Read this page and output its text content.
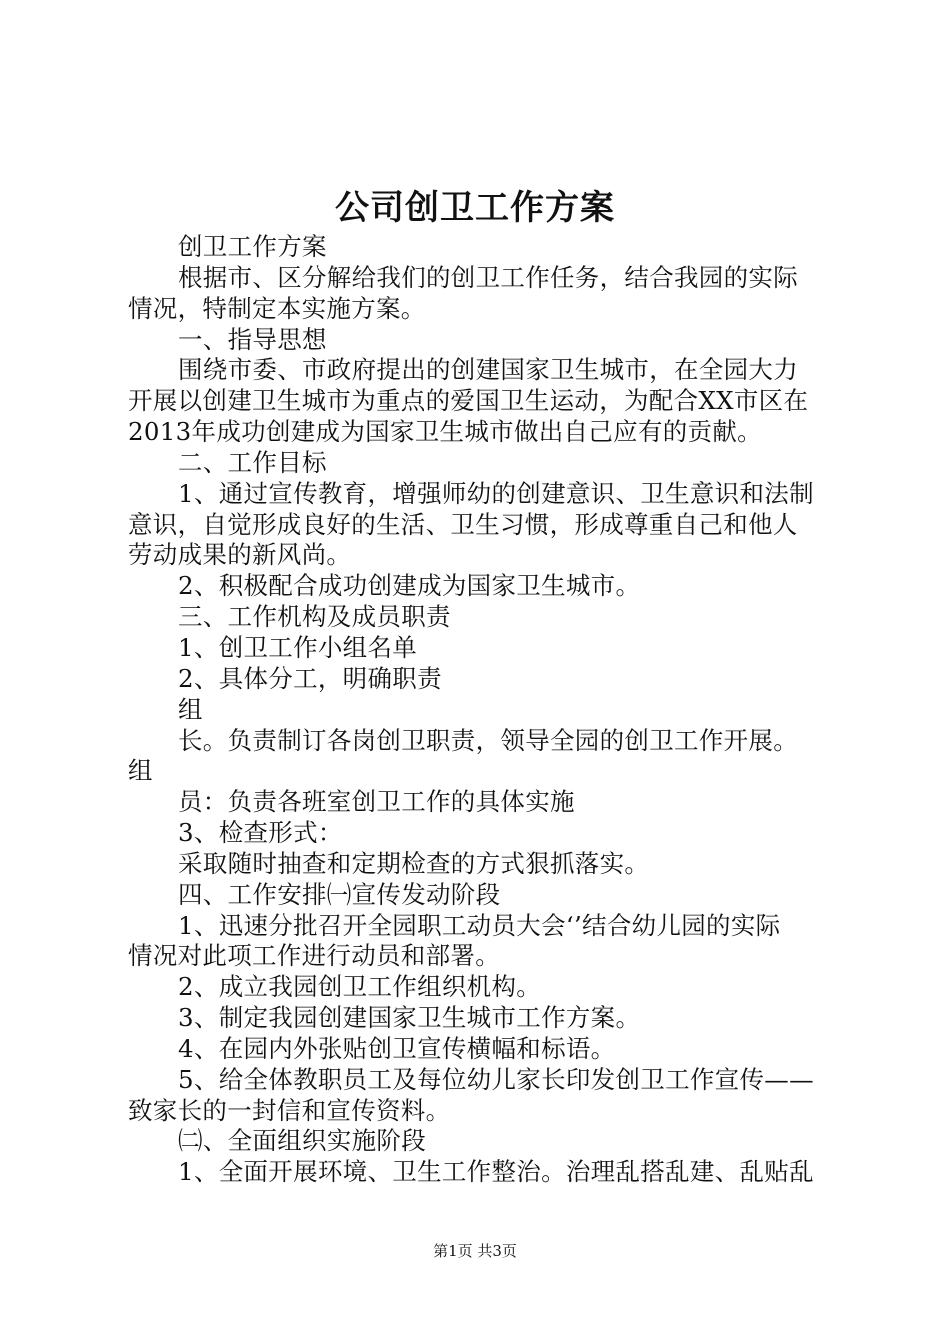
公司创卫工作方案
创卫工作方案
根据市、区分解给我们的创卫工作任务，结合我园的实际
情况，特制定本实施方案。
一、指导思想
围绕市委、市政府提出的创建国家卫生城市，在全园大力
开展以创建卫生城市为重点的爱国卫生运动，为配合XX市区在
2013年成功创建成为国家卫生城市做出自己应有的贡献。
二、工作目标
1、通过宣传教育，增强师幼的创建意识、卫生意识和法制
意识，自觉形成良好的生活、卫生习惯，形成尊重自己和他人
劳动成果的新风尚。
2、积极配合成功创建成为国家卫生城市。
三、工作机构及成员职责
1、创卫工作小组名单
2、具体分工，明确职责
组
长。负责制订各岗创卫职责，领导全园的创卫工作开展。
组
员：负责各班室创卫工作的具体实施
3、检查形式：
采取随时抽查和定期检查的方式狠抓落实。
四、工作安排㈠宣传发动阶段
1、迅速分批召开全园职工动员大会‘’结合幼儿园的实际
情况对此项工作进行动员和部署。
2、成立我园创卫工作组织机构。
3、制定我园创建国家卫生城市工作方案。
4、在园内外张贴创卫宣传横幅和标语。
5、给全体教职员工及每位幼儿家长印发创卫工作宣传——
致家长的一封信和宣传资料。
㈡、全面组织实施阶段
1、全面开展环境、卫生工作整治。治理乱搭乱建、乱贴乱
第1页 共3页
